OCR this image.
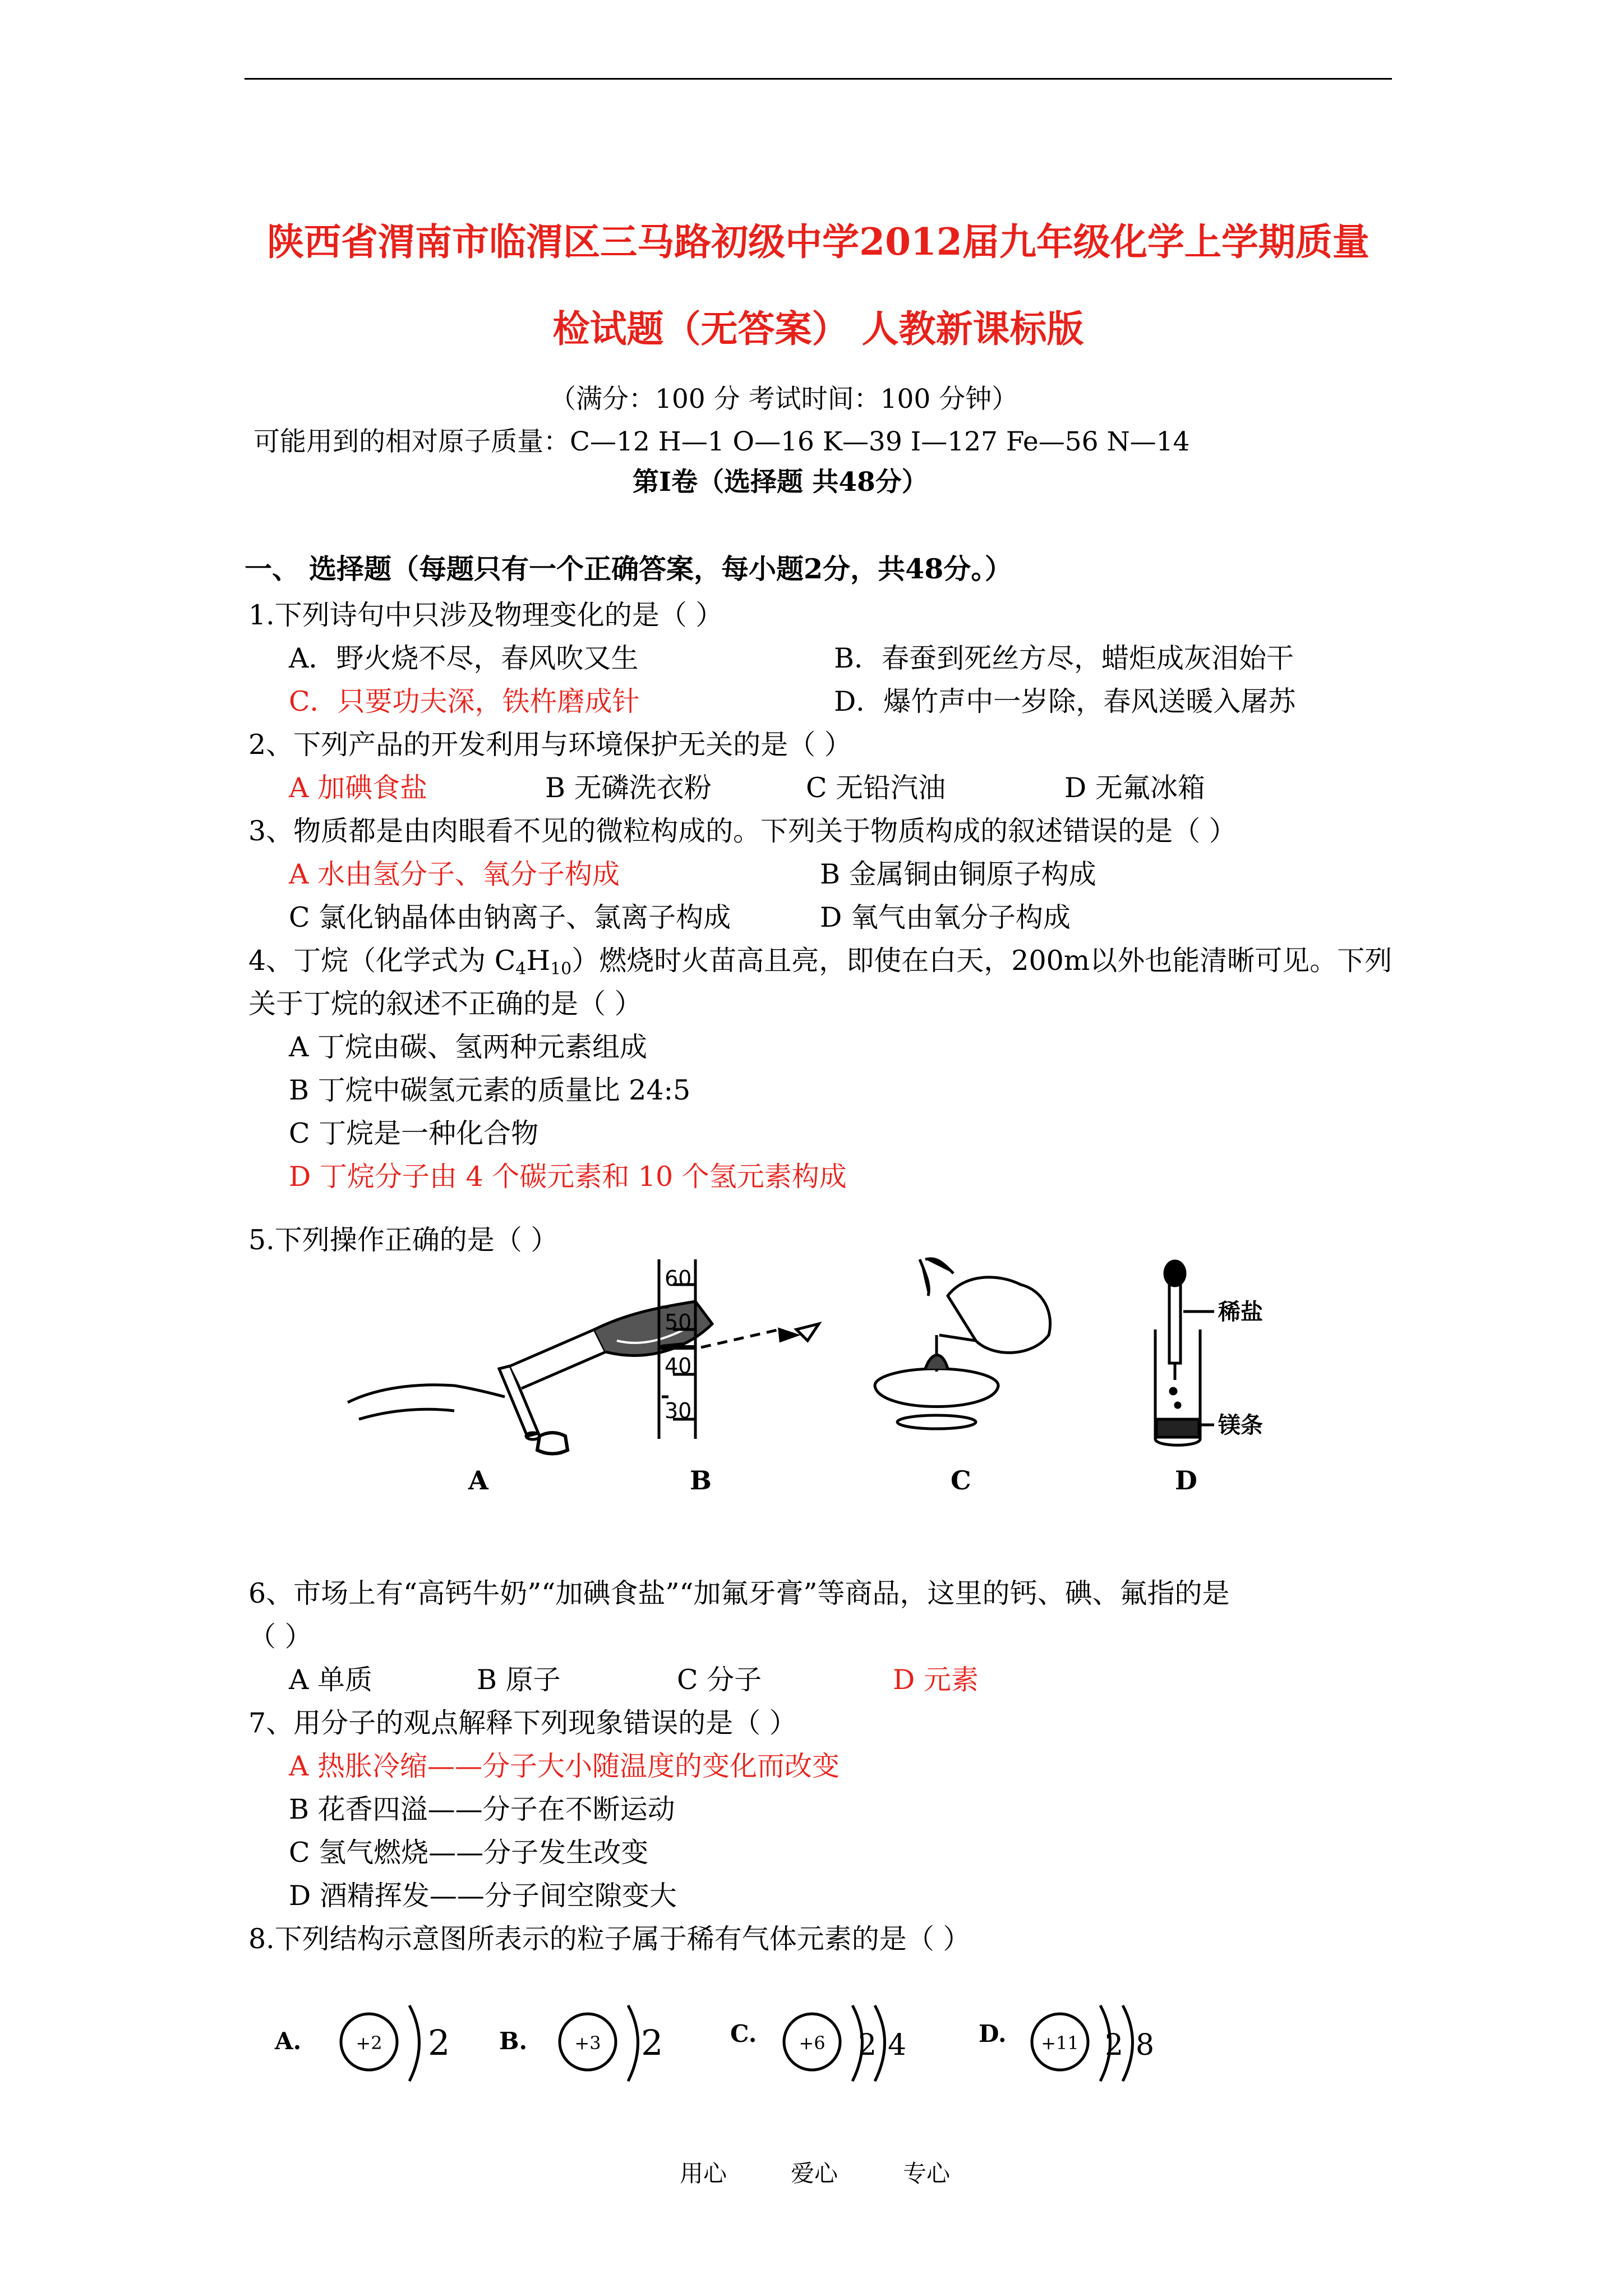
陕西省渭南市临渭区三马路初级中学2012届九年级化学上学期质量
检试题（无答案） 人教新课标版
（满分：100 分 考试时间：100 分钟）
可能用到的相对原子质量：C—12 H—1 O—16 K—39 I—127 Fe—56 N—14
第Ⅰ卷（选择题 共48分）
一、 选择题（每题只有一个正确答案，每小题2分，共48分。）
1.下列诗句中只涉及物理变化的是（ ）
A．野火烧不尽，春风吹又生	B．春蚕到死丝方尽，蜡炬成灰泪始干
C．只要功夫深，铁杵磨成针	D．爆竹声中一岁除，春风送暖入屠苏
2、下列产品的开发利用与环境保护无关的是（ ）
A 加碘食盐	B 无磷洗衣粉	C 无铅汽油	D 无氟冰箱
3、物质都是由肉眼看不见的微粒构成的。下列关于物质构成的叙述错误的是（ ）
A 水由氢分子、氧分子构成	B 金属铜由铜原子构成
C 氯化钠晶体由钠离子、氯离子构成	D 氧气由氧分子构成
4、丁烷（化学式为 $C_4H_{10}$）燃烧时火苗高且亮，即使在白天，200m以外也能清晰可见。下列
关于丁烷的叙述不正确的是（ ）
A 丁烷由碳、氢两种元素组成
B 丁烷中碳氢元素的质量比 24:5
C 丁烷是一种化合物
D 丁烷分子由 4 个碳元素和 10 个氢元素构成
5.下列操作正确的是（ ）
60
50
40
30
稀盐
镁条
A	B	C	D
6、市场上有“高钙牛奶”“加碘食盐”“加氟牙膏”等商品，这里的钙、碘、氟指的是
（ ）
A 单质	B 原子	C 分子	D 元素
7、用分子的观点解释下列现象错误的是（ ）
A 热胀冷缩——分子大小随温度的变化而改变
B 花香四溢——分子在不断运动
C 氢气燃烧——分子发生改变
D 酒精挥发——分子间空隙变大
8.下列结构示意图所表示的粒子属于稀有气体元素的是（ ）
A.	+2 2 B.	+3 2	C. +6 2 4	D. +11 2 8
用心	爱心	专心
